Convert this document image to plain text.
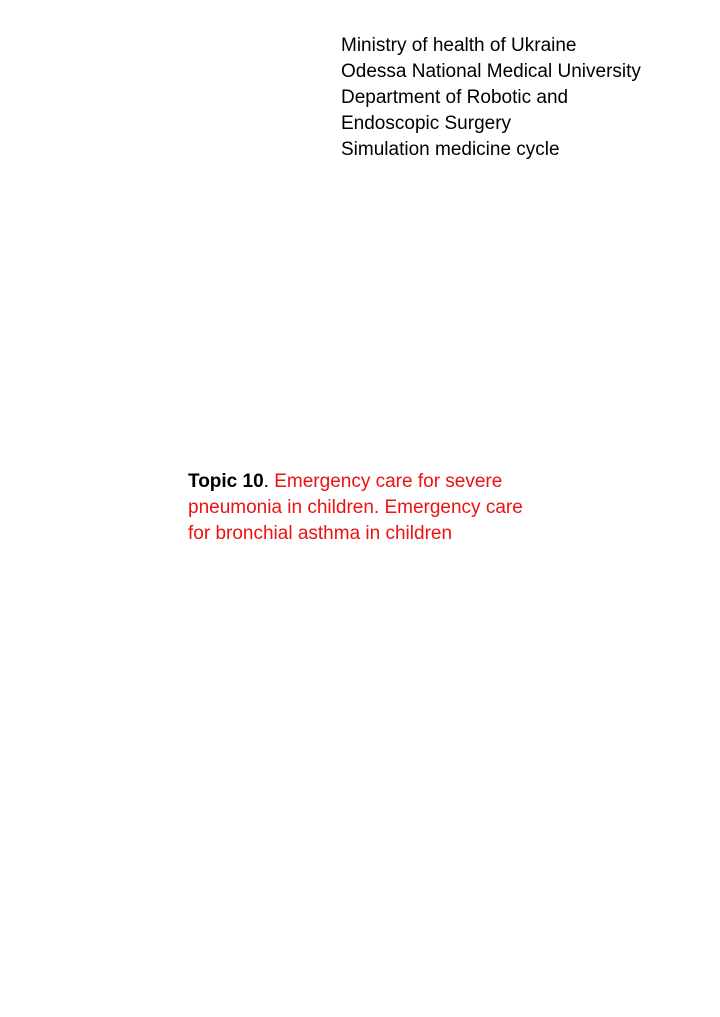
Ministry of health of Ukraine
Odessa National Medical University
Department of Robotic and
Endoscopic Surgery
Simulation medicine cycle
Topic 10. Emergency care for severe pneumonia in children. Emergency care for bronchial asthma in children
